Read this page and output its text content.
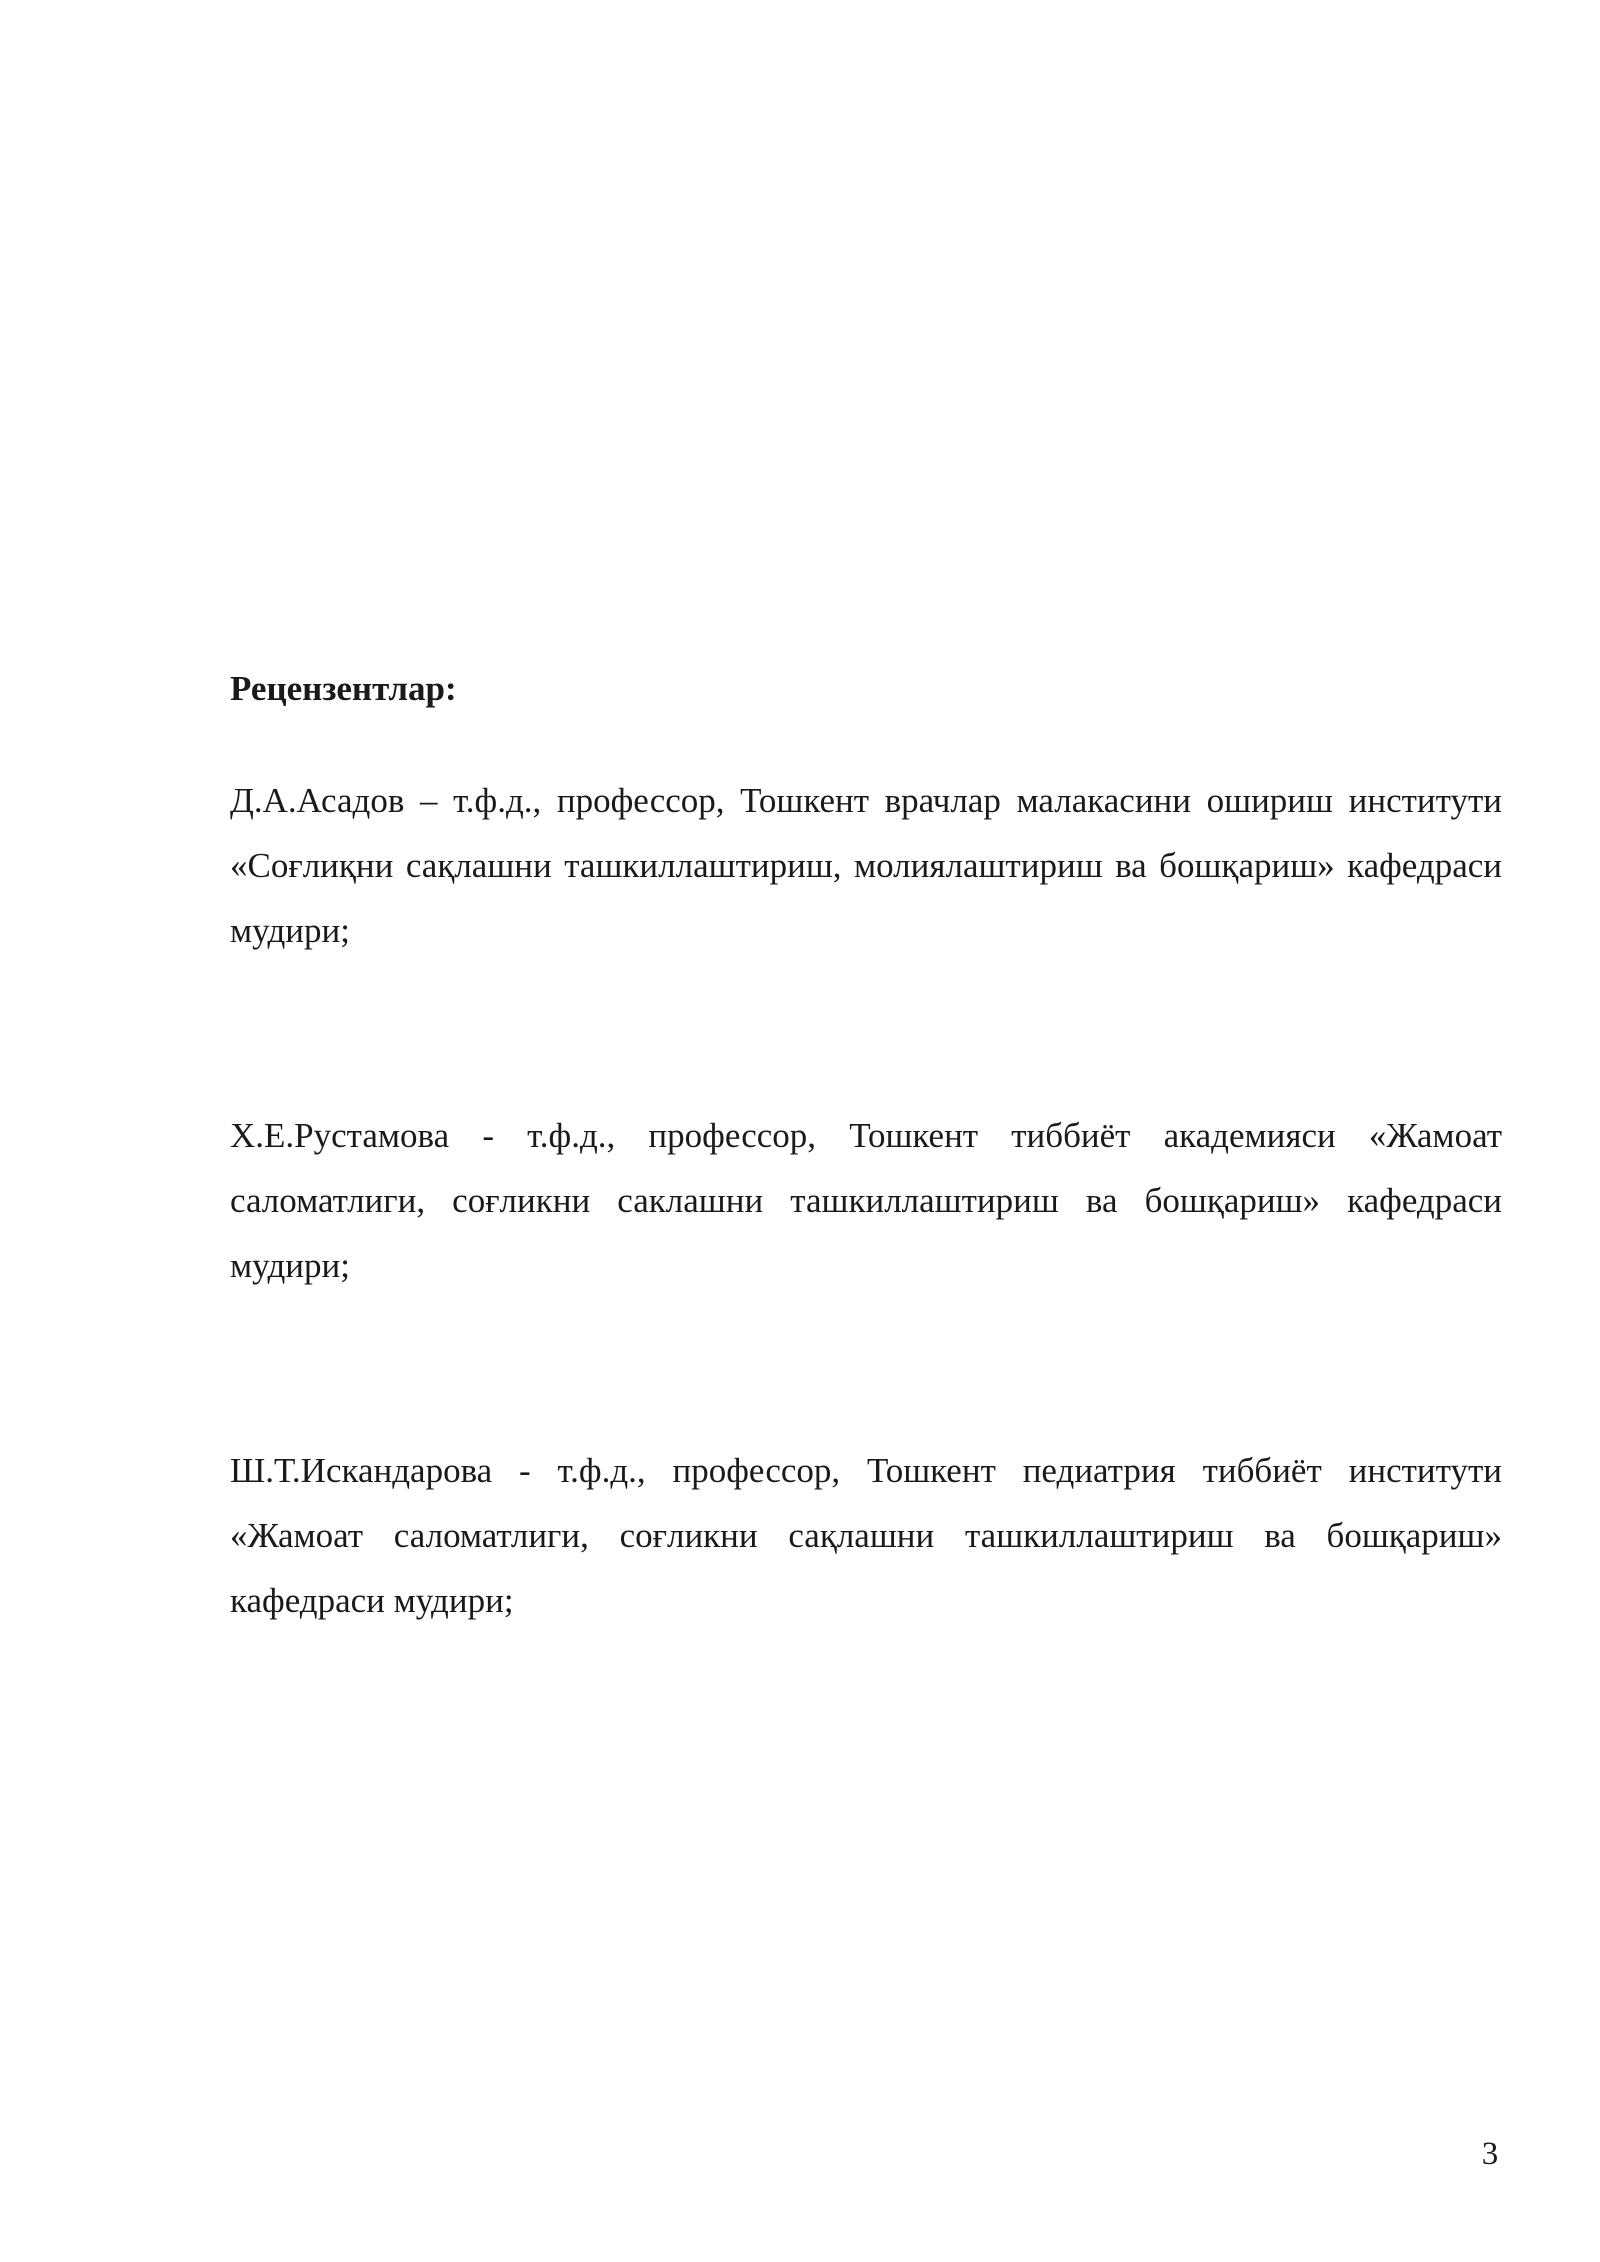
Рецензентлар:

Д.А.Асадов – т.ф.д., профессор, Тошкент врачлар малакасини ошириш институти «Соғлиқни сақлашни ташкиллаштириш, молиялаштириш ва бошқариш» кафедраси мудири;

Х.Е.Рустамова - т.ф.д., профессор, Тошкент тиббиёт академияси «Жамоат саломатлиги, соғликни саклашни ташкиллаштириш ва бошқариш» кафедраси мудири;

Ш.Т.Искандарова - т.ф.д., профессор, Тошкент педиатрия тиббиёт институти «Жамоат саломатлиги, соғликни сақлашни ташкиллаштириш ва бошқариш» кафедраси мудири;

3
